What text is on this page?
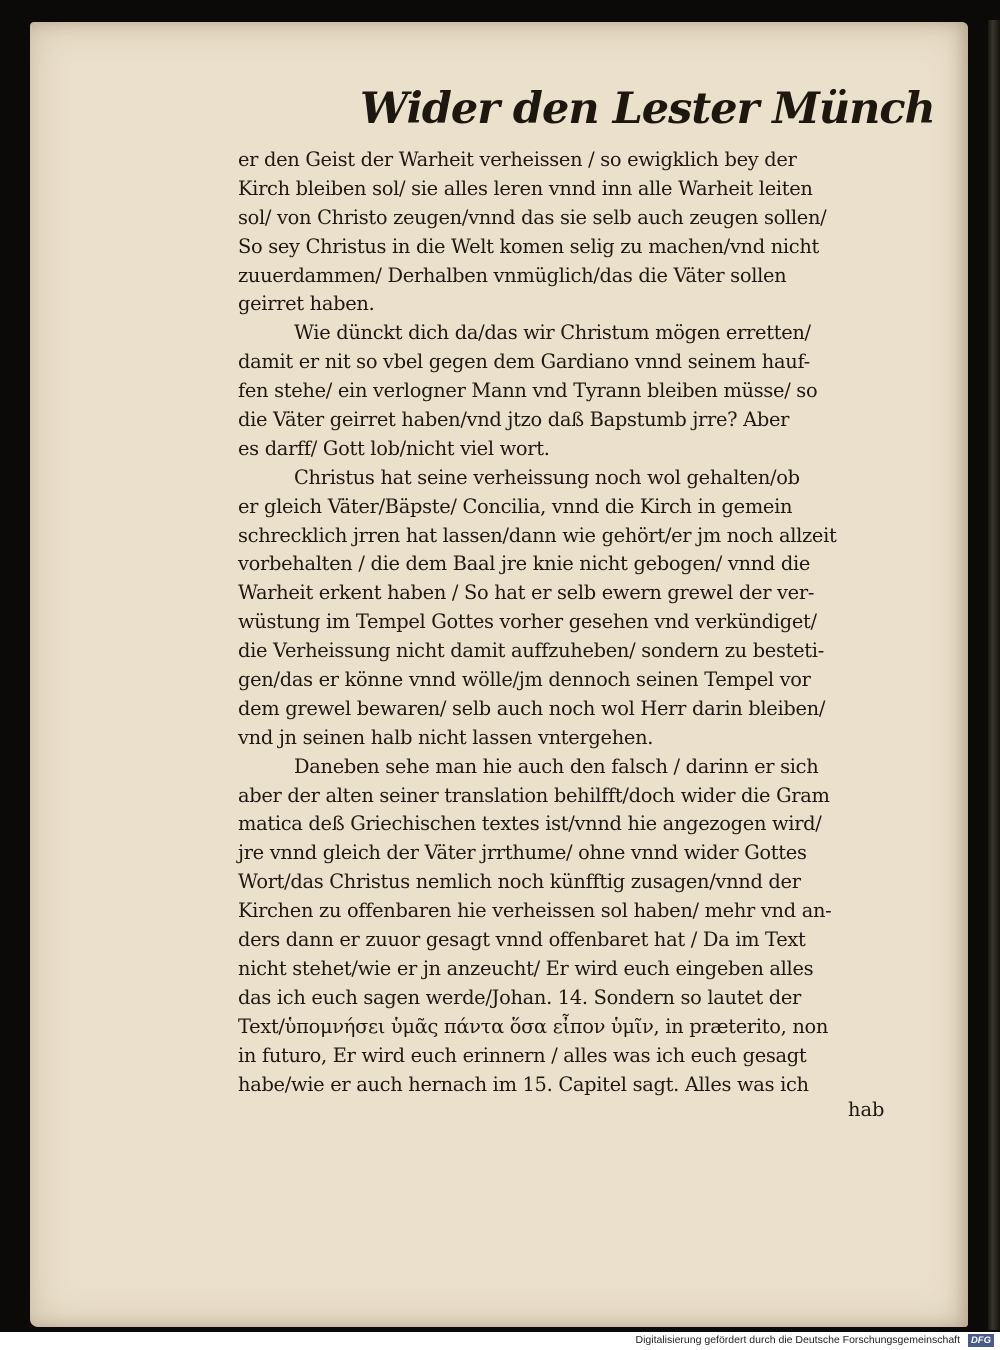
Wider den Lester Münch
er den Geist der Warheit verheissen / so ewigklich bey der
Kirch bleiben sol/ sie alles leren vnnd inn alle Warheit leiten
sol/ von Christo zeugen/vnnd das sie selb auch zeugen sollen/
So sey Christus in die Welt komen selig zu machen/vnd nicht
zuuerdammen/ Derhalben vnmüglich/das die Väter sollen
geirret haben.
Wie dünckt dich da/das wir Christum mögen erretten/
damit er nit so vbel gegen dem Gardiano vnnd seinem hauf-
fen stehe/ ein verlogner Mann vnd Tyrann bleiben müsse/ so
die Väter geirret haben/vnd jtzo daß Bapstumb jrre? Aber
es darff/ Gott lob/nicht viel wort.
Christus hat seine verheissung noch wol gehalten/ob
er gleich Väter/Bäpste/ Concilia, vnnd die Kirch in gemein
schrecklich jrren hat lassen/dann wie gehört/er jm noch allzeit
vorbehalten / die dem Baal jre knie nicht gebogen/ vnnd die
Warheit erkent haben / So hat er selb ewern grewel der ver-
wüstung im Tempel Gottes vorher gesehen vnd verkündiget/
die Verheissung nicht damit auffzuheben/ sondern zu besteti-
gen/das er könne vnnd wölle/jm dennoch seinen Tempel vor
dem grewel bewaren/ selb auch noch wol Herr darin bleiben/
vnd jn seinen halb nicht lassen vntergehen.
Daneben sehe man hie auch den falsch / darinn er sich
aber der alten seiner translation behilfft/doch wider die Gram
matica deß Griechischen textes ist/vnnd hie angezogen wird/
jre vnnd gleich der Väter jrrthume/ ohne vnnd wider Gottes
Wort/das Christus nemlich noch künfftig zusagen/vnnd der
Kirchen zu offenbaren hie verheissen sol haben/ mehr vnd an-
ders dann er zuuor gesagt vnnd offenbaret hat / Da im Text
nicht stehet/wie er jn anzeucht/ Er wird euch eingeben alles
das ich euch sagen werde/Johan. 14. Sondern so lautet der
Text/ὑπομνήσει ὑμᾶς πάντα ὅσα εἶπον ὑμῖν, in præterito, non
in futuro, Er wird euch erinnern / alles was ich euch gesagt
habe/wie er auch hernach im 15. Capitel sagt. Alles was ich
hab
Digitalisierung gefördert durch die Deutsche Forschungsgemeinschaft	DFG
